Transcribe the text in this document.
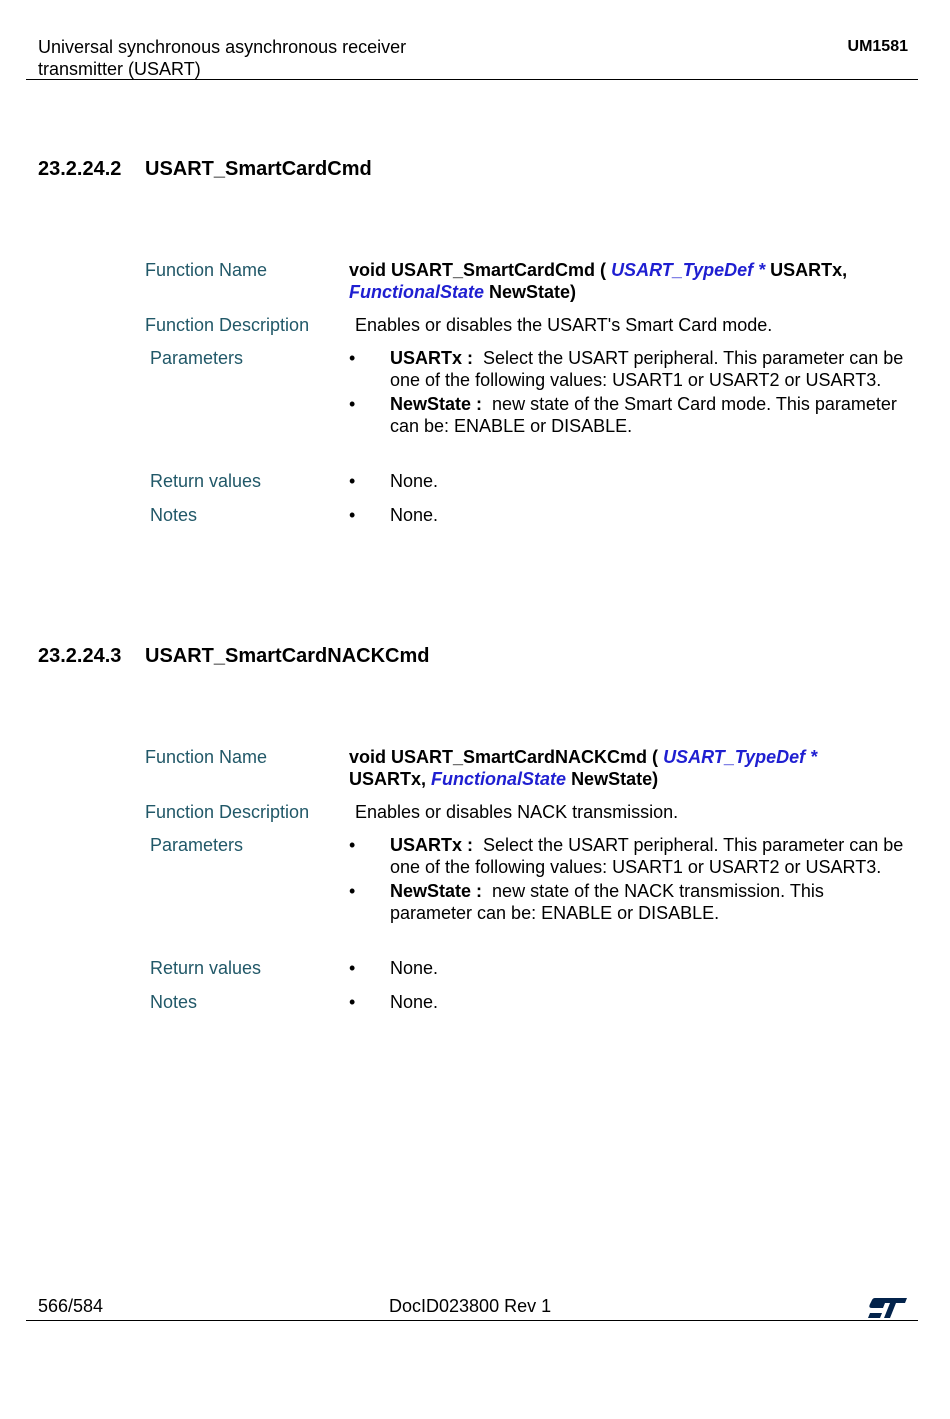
Universal synchronous asynchronous receiver
transmitter (USART)
UM1581
23.2.24.2 USART_SmartCardCmd
Function Name	void USART_SmartCardCmd ( USART_TypeDef * USARTx,
FunctionalState NewState)
Function Description	Enables or disables the USART's Smart Card mode.
Parameters	• USARTx : Select the USART peripheral. This parameter can be one of the following values: USART1 or USART2 or USART3.
• NewState : new state of the Smart Card mode. This parameter can be: ENABLE or DISABLE.
Return values	• None.
Notes	• None.
23.2.24.3 USART_SmartCardNACKCmd
Function Name	void USART_SmartCardNACKCmd ( USART_TypeDef *
USARTx, FunctionalState NewState)
Function Description	Enables or disables NACK transmission.
Parameters	• USARTx : Select the USART peripheral. This parameter can be one of the following values: USART1 or USART2 or USART3.
• NewState : new state of the NACK transmission. This parameter can be: ENABLE or DISABLE.
Return values	• None.
Notes	• None.
566/584	DocID023800 Rev 1
